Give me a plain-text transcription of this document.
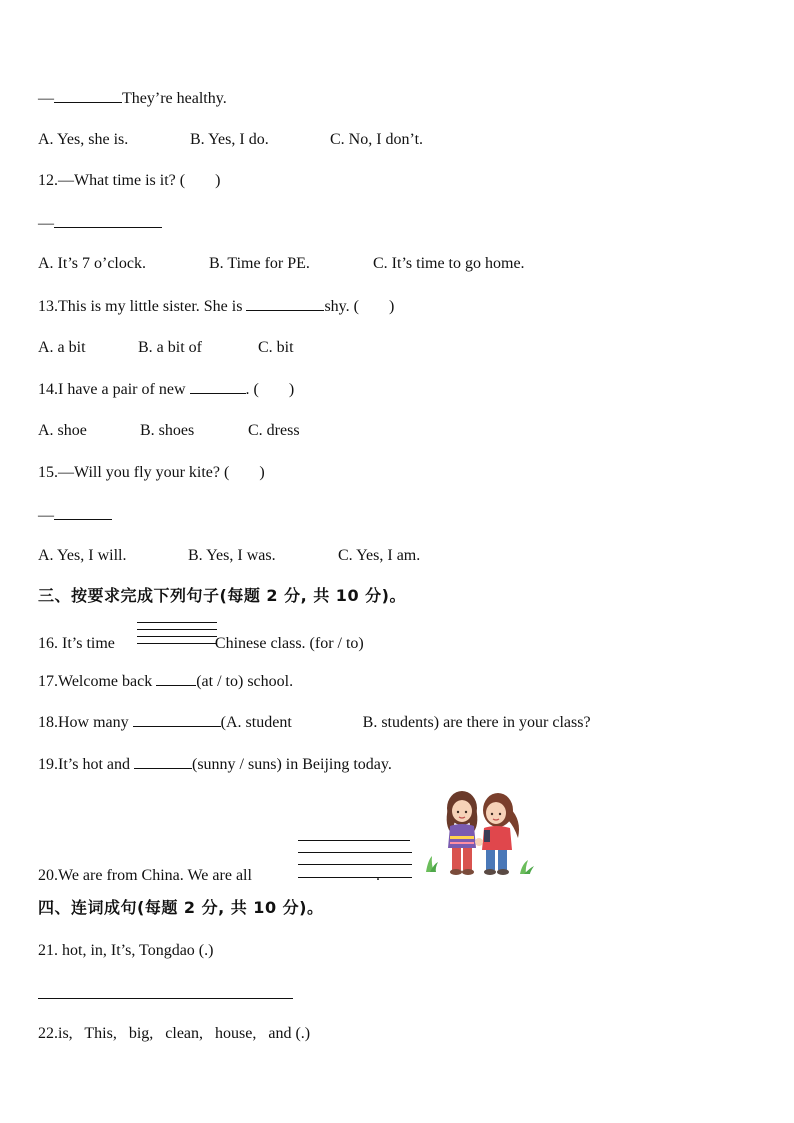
—	They’re healthy.
A. Yes, she is.	B. Yes, I do.	C. No, I don’t.
12.—What time is it? ( )
—
A. It’s 7 o’clock.	B. Time for PE.	C. It’s time to go home.
13.This is my little sister. She is	shy. ( )
A. a bit	B. a bit of	C. bit
14.I have a pair of new	. ( )
A. shoe	B. shoes	C. dress
15.—Will you fly your kite? ( )
—
A. Yes, I will.	B. Yes, I was.	C. Yes, I am.
三、按要求完成下列句子(每题 2 分, 共 10 分)。
16. It’s time	Chinese class. (for / to)
17.Welcome back	(at / to) school.
18.How many	(A. student	B. students) are there in your class?
19.It’s hot and	(sunny / suns) in Beijing today.
20.We are from China. We are all	.
四、连词成句(每题 2 分, 共 10 分)。
21. hot, in, It’s, Tongdao (.)
22.is,   This,   big,   clean,   house,   and (.)
